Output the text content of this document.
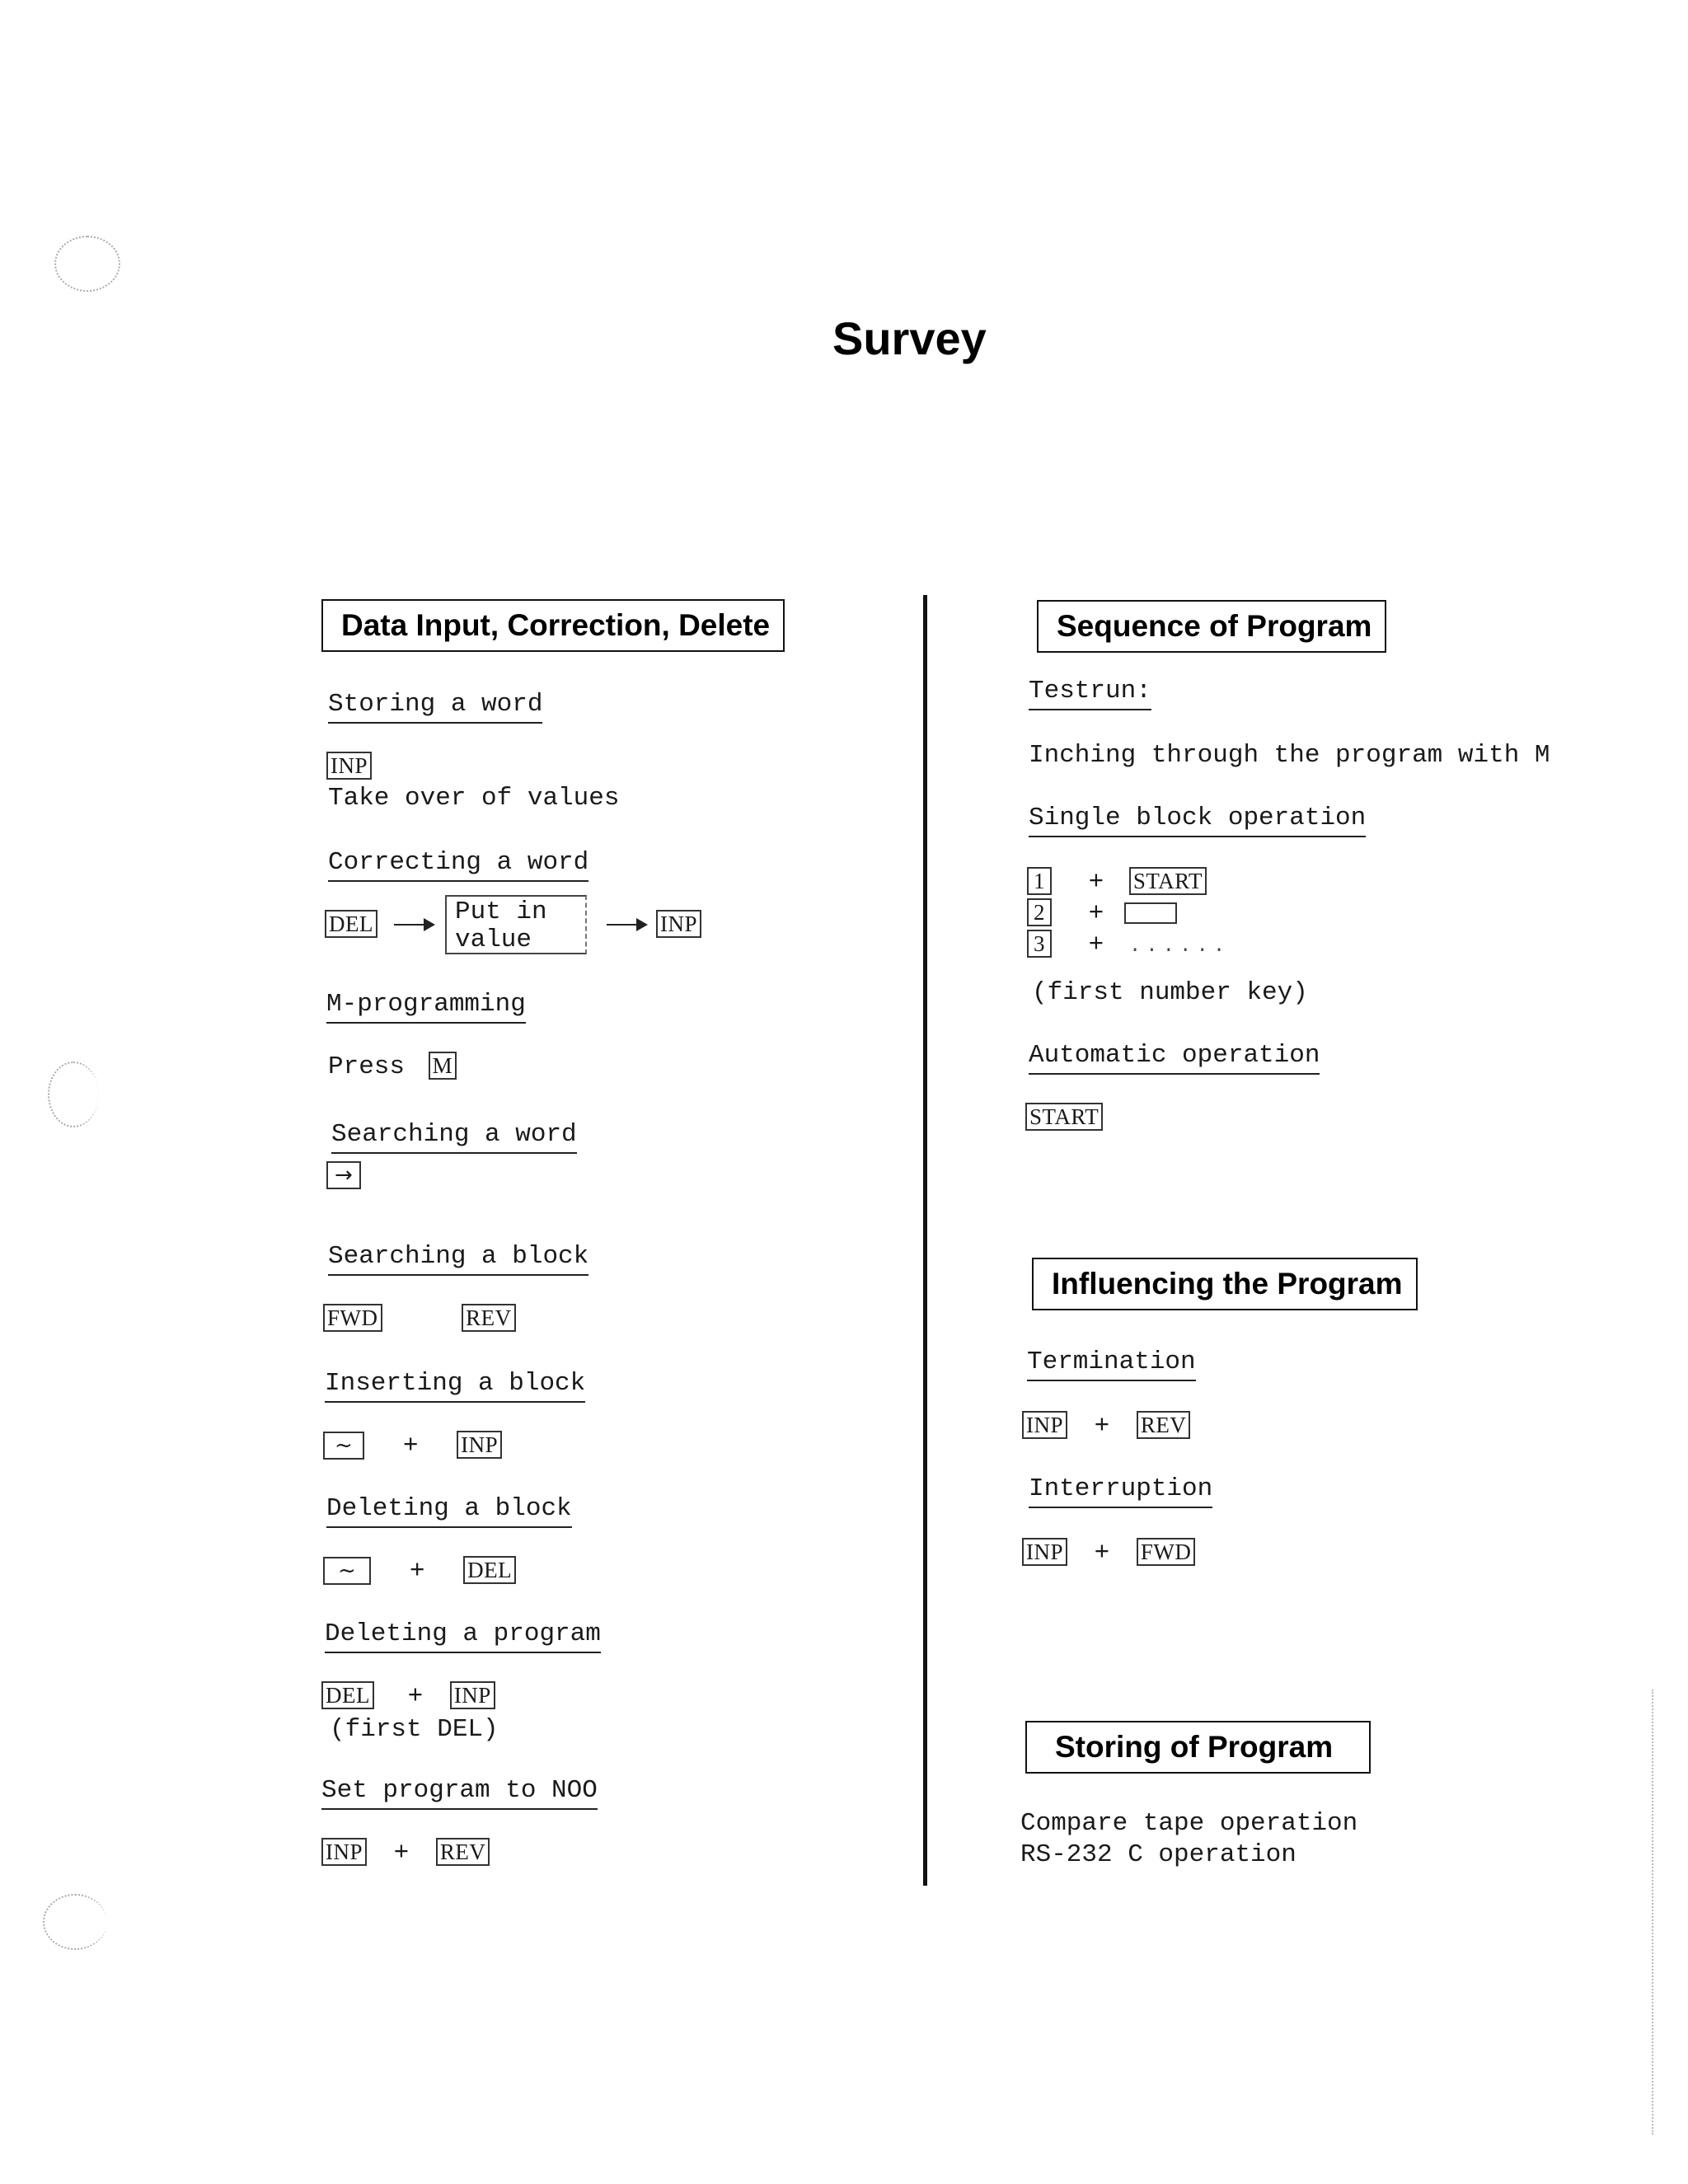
Survey
Data Input, Correction, Delete
Storing a word
INP
Take over of values
Correcting a word
DEL	Put in
value
INP
M-programming
Press M
Searching a word
→
Searching a block
FWD	REV
Inserting a block
~ + INP
Deleting a block
~ + DEL
Deleting a program
DEL + INP
(first DEL)
Set program to NOO
INP + REV
Sequence of Program
Testrun:
Inching through the program with M
Single block operation
1 + START
2 +
3 + ......
(first number key)
Automatic operation
START
Influencing the Program
Termination
INP + REV
Interruption
INP + FWD
Storing of Program
Compare tape operation
RS-232 C operation
